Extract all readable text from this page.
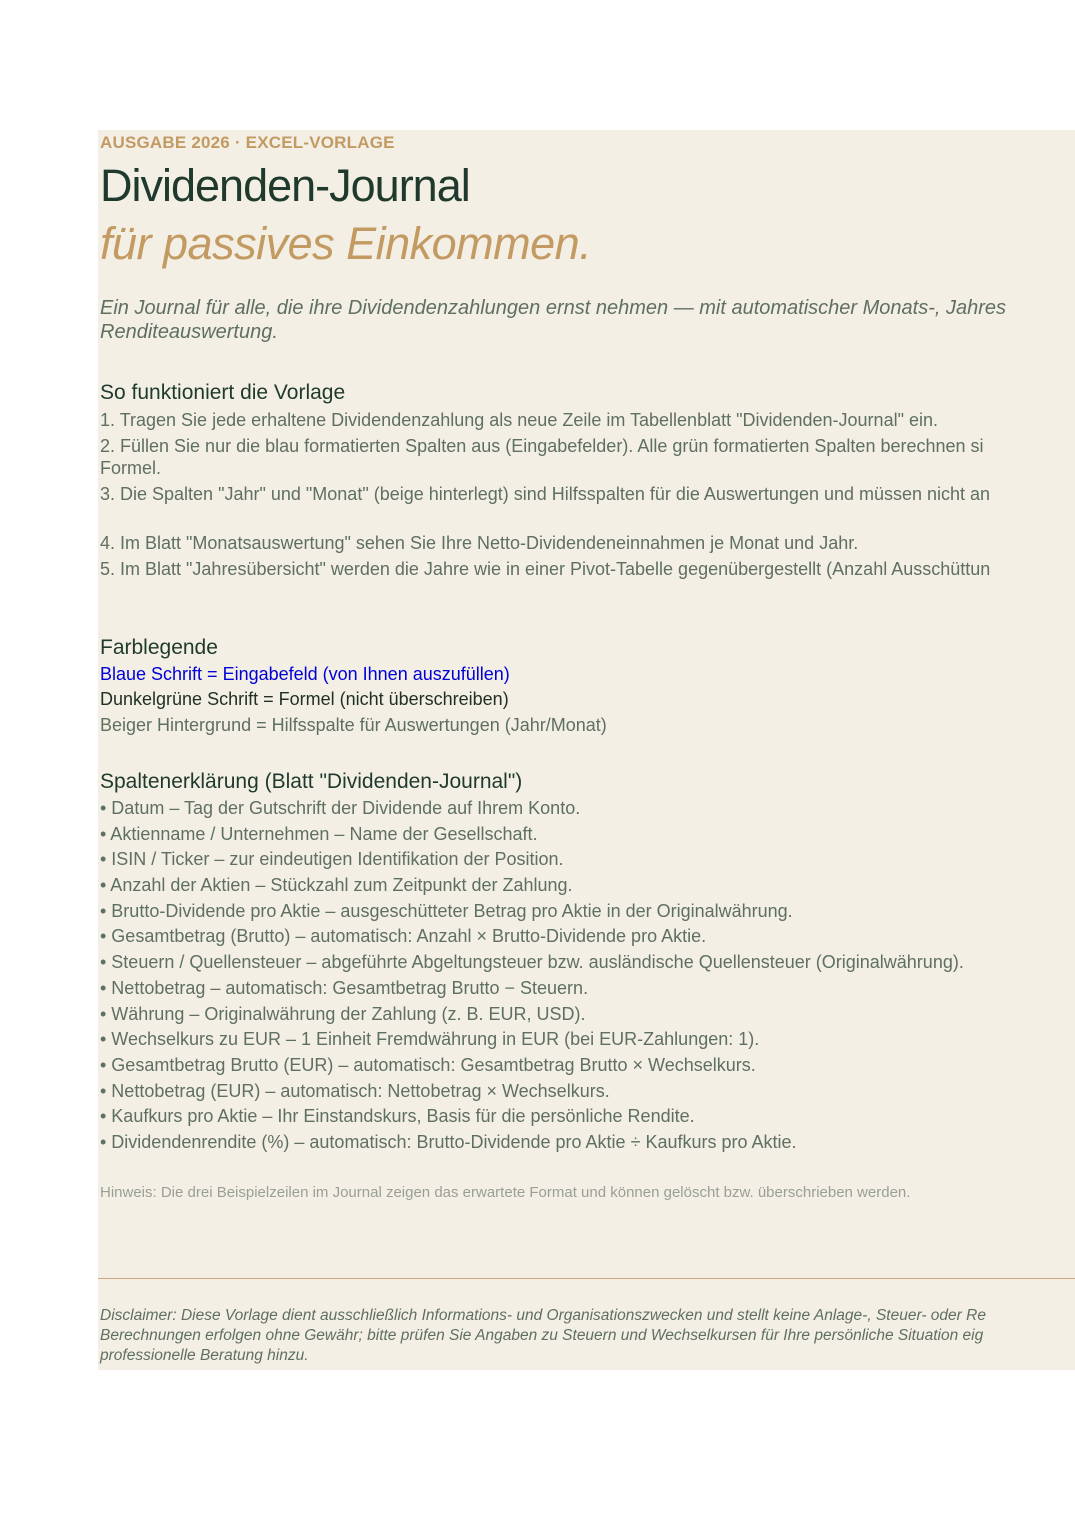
AUSGABE 2026 · EXCEL-VORLAGE
Dividenden-Journal
für passives Einkommen.
Ein Journal für alle, die ihre Dividendenzahlungen ernst nehmen — mit automatischer Monats-, Jahres
Renditeauswertung.
So funktioniert die Vorlage
1. Tragen Sie jede erhaltene Dividendenzahlung als neue Zeile im Tabellenblatt "Dividenden-Journal" ein.
2. Füllen Sie nur die blau formatierten Spalten aus (Eingabefelder). Alle grün formatierten Spalten berechnen si
Formel.
3. Die Spalten "Jahr" und "Monat" (beige hinterlegt) sind Hilfsspalten für die Auswertungen und müssen nicht an
4. Im Blatt "Monatsauswertung" sehen Sie Ihre Netto-Dividendeneinnahmen je Monat und Jahr.
5. Im Blatt "Jahresübersicht" werden die Jahre wie in einer Pivot-Tabelle gegenübergestellt (Anzahl Ausschüttun
Farblegende
Blaue Schrift = Eingabefeld (von Ihnen auszufüllen)
Dunkelgrüne Schrift = Formel (nicht überschreiben)
Beiger Hintergrund = Hilfsspalte für Auswertungen (Jahr/Monat)
Spaltenerklärung (Blatt "Dividenden-Journal")
• Datum – Tag der Gutschrift der Dividende auf Ihrem Konto.
• Aktienname / Unternehmen – Name der Gesellschaft.
• ISIN / Ticker – zur eindeutigen Identifikation der Position.
• Anzahl der Aktien – Stückzahl zum Zeitpunkt der Zahlung.
• Brutto-Dividende pro Aktie – ausgeschütteter Betrag pro Aktie in der Originalwährung.
• Gesamtbetrag (Brutto) – automatisch: Anzahl × Brutto-Dividende pro Aktie.
• Steuern / Quellensteuer – abgeführte Abgeltungsteuer bzw. ausländische Quellensteuer (Originalwährung).
• Nettobetrag – automatisch: Gesamtbetrag Brutto − Steuern.
• Währung – Originalwährung der Zahlung (z. B. EUR, USD).
• Wechselkurs zu EUR – 1 Einheit Fremdwährung in EUR (bei EUR-Zahlungen: 1).
• Gesamtbetrag Brutto (EUR) – automatisch: Gesamtbetrag Brutto × Wechselkurs.
• Nettobetrag (EUR) – automatisch: Nettobetrag × Wechselkurs.
• Kaufkurs pro Aktie – Ihr Einstandskurs, Basis für die persönliche Rendite.
• Dividendenrendite (%) – automatisch: Brutto-Dividende pro Aktie ÷ Kaufkurs pro Aktie.
Hinweis: Die drei Beispielzeilen im Journal zeigen das erwartete Format und können gelöscht bzw. überschrieben werden.
Disclaimer: Diese Vorlage dient ausschließlich Informations- und Organisationszwecken und stellt keine Anlage-, Steuer- oder Re
Berechnungen erfolgen ohne Gewähr; bitte prüfen Sie Angaben zu Steuern und Wechselkursen für Ihre persönliche Situation eig
professionelle Beratung hinzu.
